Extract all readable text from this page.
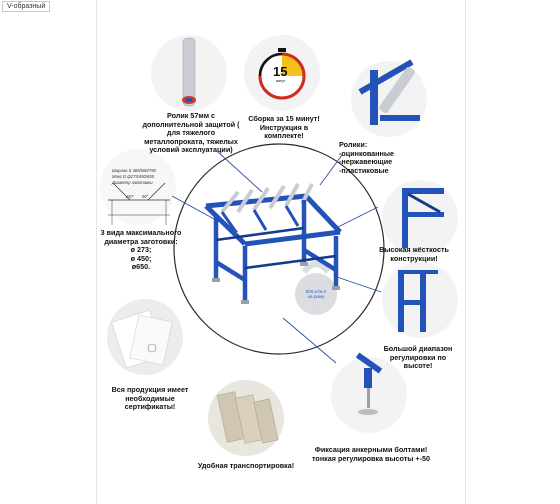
V-образный
15
минут
Ширина S 385/580/780
Макс D ф273/450/650
Диаметр заготовки
ø57 90°
500 кг/м.п
на раму
Ролик 57мм с
дополнительной защитой (
для тяжелого
металлопроката, тяжелых
условий эксплуатации)
Сборка за 15 минут!
Инструкция в комплекте!
Ролики:
-оцинкованные
-нержавеющие
-пластиковые
3 вида максимального
диаметра заготовки:
ø 273;
ø 450;
ø650.
Высокая жёсткость
конструкции!
Большой диапазон
регулировки по высоте!
Вся продукция имеет
необходимые сертификаты!
Удобная транспортировка!
Фиксация анкерными болтами!
тонкая регулировка высоты +-50
